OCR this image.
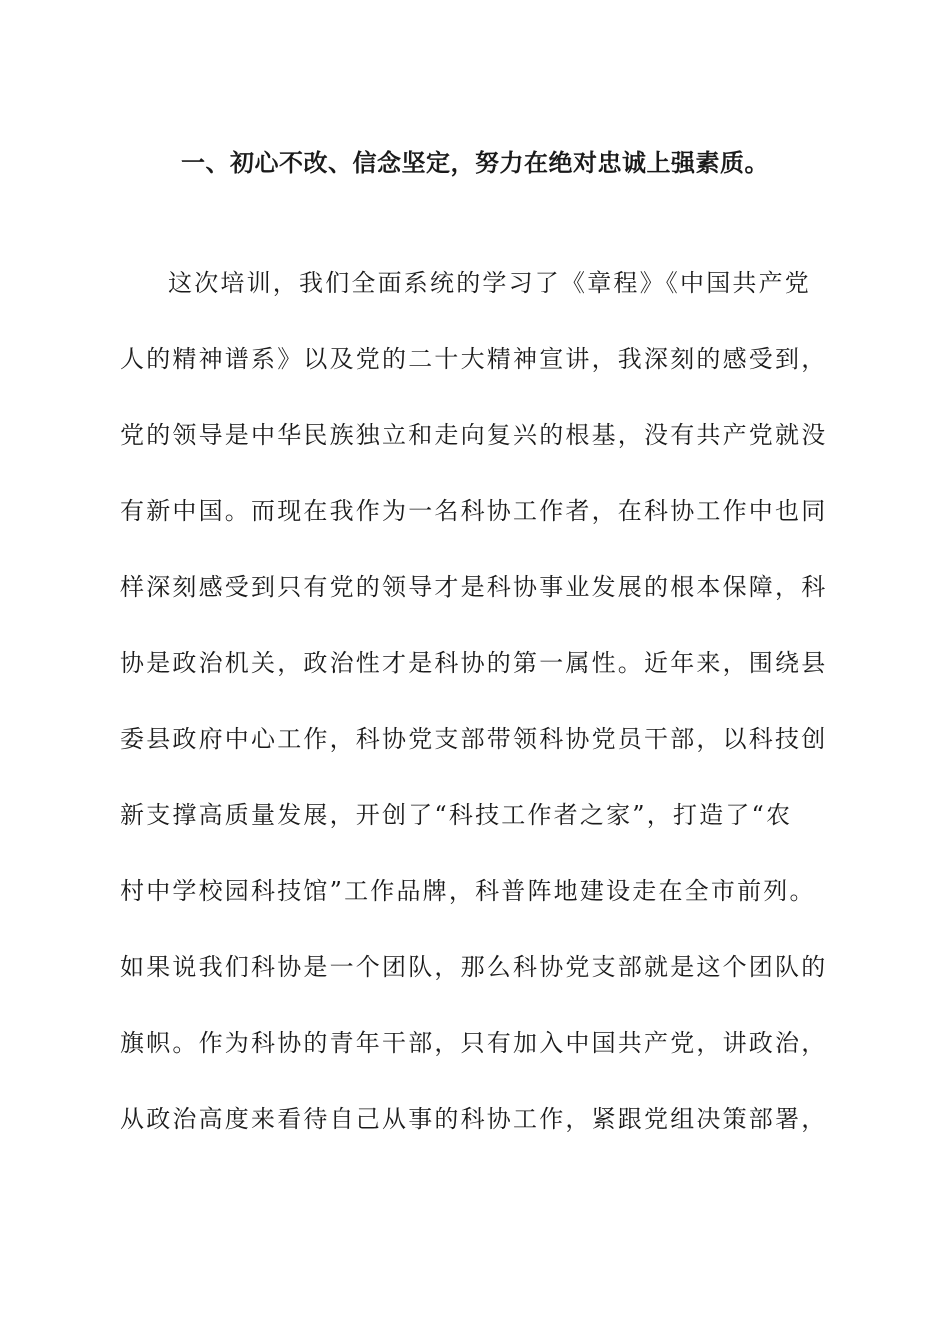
一、初心不改、信念坚定，努力在绝对忠诚上强素质。
这次培训，我们全面系统的学习了《章程》《中国共产党
人的精神谱系》以及党的二十大精神宣讲，我深刻的感受到，
党的领导是中华民族独立和走向复兴的根基，没有共产党就没
有新中国。而现在我作为一名科协工作者，在科协工作中也同
样深刻感受到只有党的领导才是科协事业发展的根本保障，科
协是政治机关，政治性才是科协的第一属性。近年来，围绕县
委县政府中心工作，科协党支部带领科协党员干部，以科技创
新支撑高质量发展，开创了“科技工作者之家”，打造了“农
村中学校园科技馆”工作品牌，科普阵地建设走在全市前列。
如果说我们科协是一个团队，那么科协党支部就是这个团队的
旗帜。作为科协的青年干部，只有加入中国共产党，讲政治，
从政治高度来看待自己从事的科协工作，紧跟党组决策部署，
